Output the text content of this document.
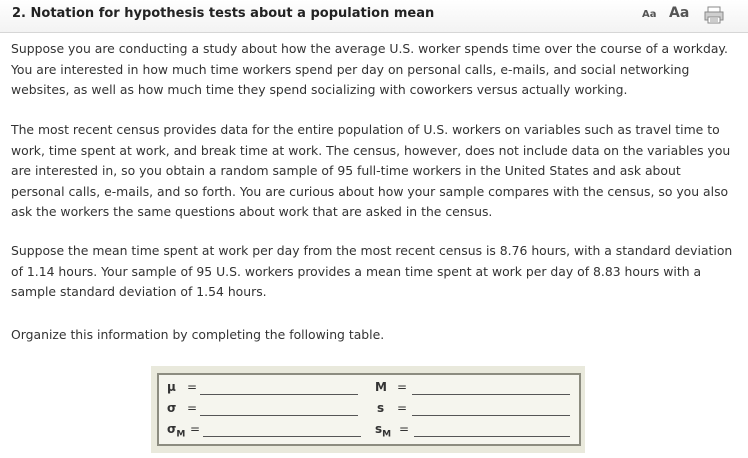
2. Notation for hypothesis tests about a population mean	Aa Aa

Suppose you are conducting a study about how the average U.S. worker spends time over the course of a workday. You are interested in how much time workers spend per day on personal calls, e-mails, and social networking websites, as well as how much time they spend socializing with coworkers versus actually working.

The most recent census provides data for the entire population of U.S. workers on variables such as travel time to work, time spent at work, and break time at work. The census, however, does not include data on the variables you are interested in, so you obtain a random sample of 95 full-time workers in the United States and ask about personal calls, e-mails, and so forth. You are curious about how your sample compares with the census, so you also ask the workers the same questions about work that are asked in the census.

Suppose the mean time spent at work per day from the most recent census is 8.76 hours, with a standard deviation of 1.14 hours. Your sample of 95 U.S. workers provides a mean time spent at work per day of 8.83 hours with a sample standard deviation of 1.54 hours.

Organize this information by completing the following table.

μ =	M =
σ =	s =
$\sigma_M$ =	$s_M$ =
